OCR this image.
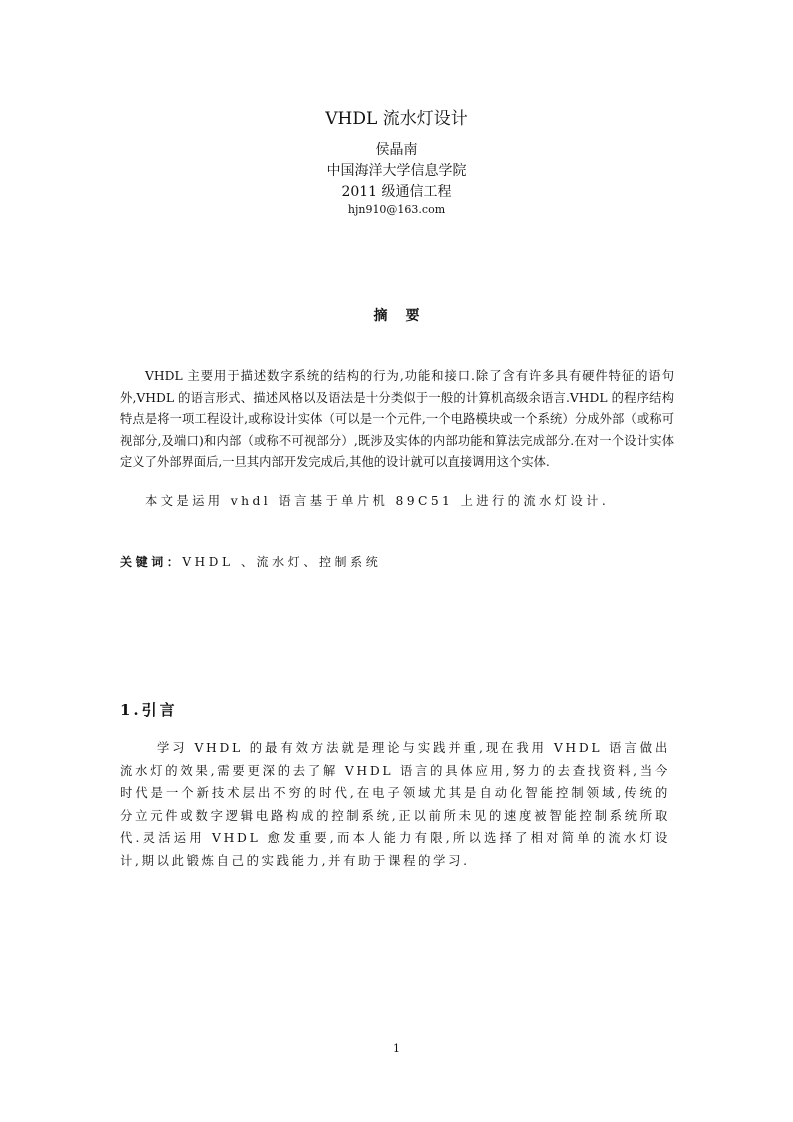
VHDL 流水灯设计
侯晶南
中国海洋大学信息学院
2011 级通信工程
hjn910@163.com
摘要
VHDL 主要用于描述数字系统的结构的行为,功能和接口.除了含有许多具有硬件特征的语句外,VHDL 的语言形式、描述风格以及语法是十分类似于一般的计算机高级余语言.VHDL 的程序结构特点是将一项工程设计,或称设计实体（可以是一个元件,一个电路模块或一个系统）分成外部（或称可视部分,及端口)和内部（或称不可视部分）,既涉及实体的内部功能和算法完成部分.在对一个设计实体定义了外部界面后,一旦其内部开发完成后,其他的设计就可以直接调用这个实体.
本文是运用 vhdl 语言基于单片机 89C51 上进行的流水灯设计.
关键词：VHDL 、流水灯、控制系统
1.引言
学习 VHDL 的最有效方法就是理论与实践并重,现在我用 VHDL 语言做出流水灯的效果,需要更深的去了解 VHDL 语言的具体应用,努力的去查找资料,当今时代是一个新技术层出不穷的时代,在电子领域尤其是自动化智能控制领域,传统的分立元件或数字逻辑电路构成的控制系统,正以前所未见的速度被智能控制系统所取代.灵活运用 VHDL 愈发重要,而本人能力有限,所以选择了相对简单的流水灯设计,期以此锻炼自己的实践能力,并有助于课程的学习.
1
